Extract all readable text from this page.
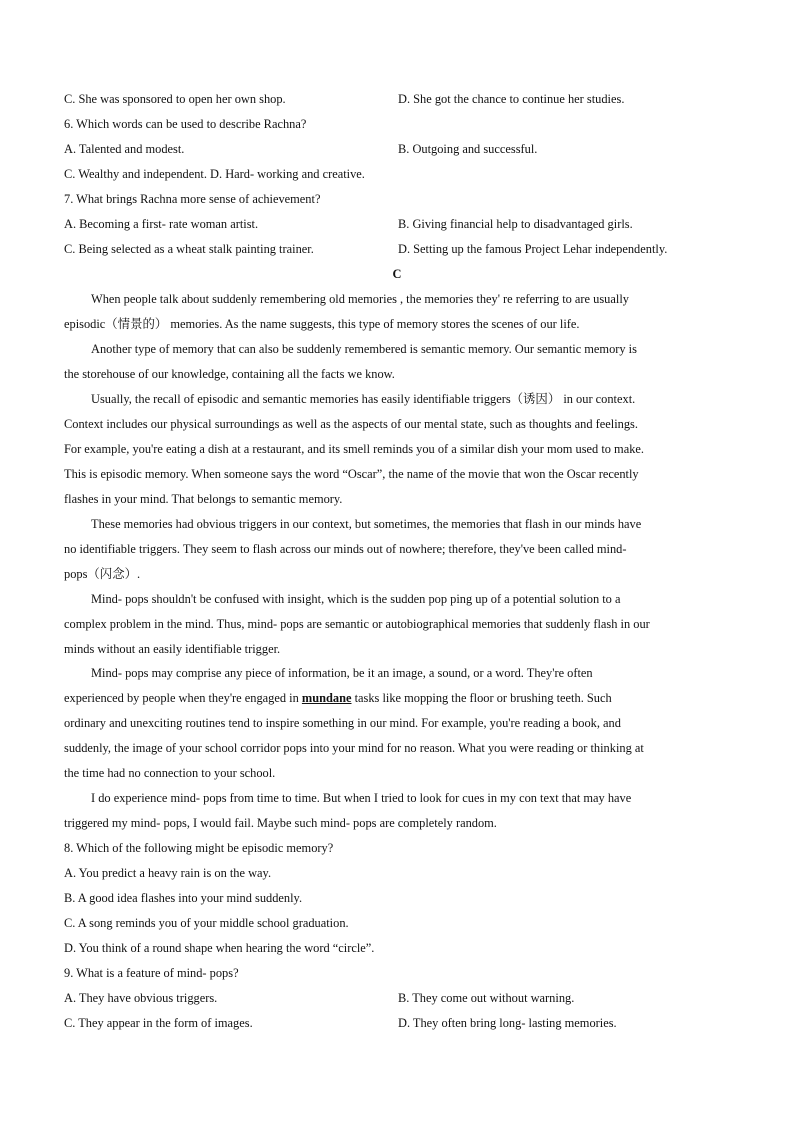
C. She was sponsored to open her own shop.	D. She got the chance to continue her studies.
6. Which words can be used to describe Rachna?
A. Talented and modest.	B. Outgoing and successful.
C. Wealthy and independent. D. Hard- working and creative.
7. What brings Rachna more sense of achievement?
A. Becoming a first- rate woman artist.	B. Giving financial help to disadvantaged girls.
C. Being selected as a wheat stalk painting trainer.	D. Setting up the famous Project Lehar independently.
C
When people talk about suddenly remembering old memories , the memories they' re referring to are usually
episodic（情景的） memories. As the name suggests, this type of memory stores the scenes of our life.
Another type of memory that can also be suddenly remembered is semantic memory. Our semantic memory is
the storehouse of our knowledge, containing all the facts we know.
Usually, the recall of episodic and semantic memories has easily identifiable triggers（诱因） in our context.
Context includes our physical surroundings as well as the aspects of our mental state, such as thoughts and feelings.
For example, you're eating a dish at a restaurant, and its smell reminds you of a similar dish your mom used to make.
This is episodic memory. When someone says the word “Oscar”, the name of the movie that won the Oscar recently
flashes in your mind. That belongs to semantic memory.
These memories had obvious triggers in our context, but sometimes, the memories that flash in our minds have
no identifiable triggers. They seem to flash across our minds out of nowhere; therefore, they've been called mind-
pops（闪念）.
Mind- pops shouldn't be confused with insight, which is the sudden pop ping up of a potential solution to a
complex problem in the mind. Thus, mind- pops are semantic or autobiographical memories that suddenly flash in our
minds without an easily identifiable trigger.
Mind- pops may comprise any piece of information, be it an image, a sound, or a word. They're often
experienced by people when they're engaged in mundane tasks like mopping the floor or brushing teeth. Such
ordinary and unexciting routines tend to inspire something in our mind. For example, you're reading a book, and
suddenly, the image of your school corridor pops into your mind for no reason. What you were reading or thinking at
the time had no connection to your school.
I do experience mind- pops from time to time. But when I tried to look for cues in my con text that may have
triggered my mind- pops, I would fail. Maybe such mind- pops are completely random.
8. Which of the following might be episodic memory?
A. You predict a heavy rain is on the way.
B. A good idea flashes into your mind suddenly.
C. A song reminds you of your middle school graduation.
D. You think of a round shape when hearing the word “circle”.
9. What is a feature of mind- pops?
A. They have obvious triggers.	B. They come out without warning.
C. They appear in the form of images.	D. They often bring long- lasting memories.
